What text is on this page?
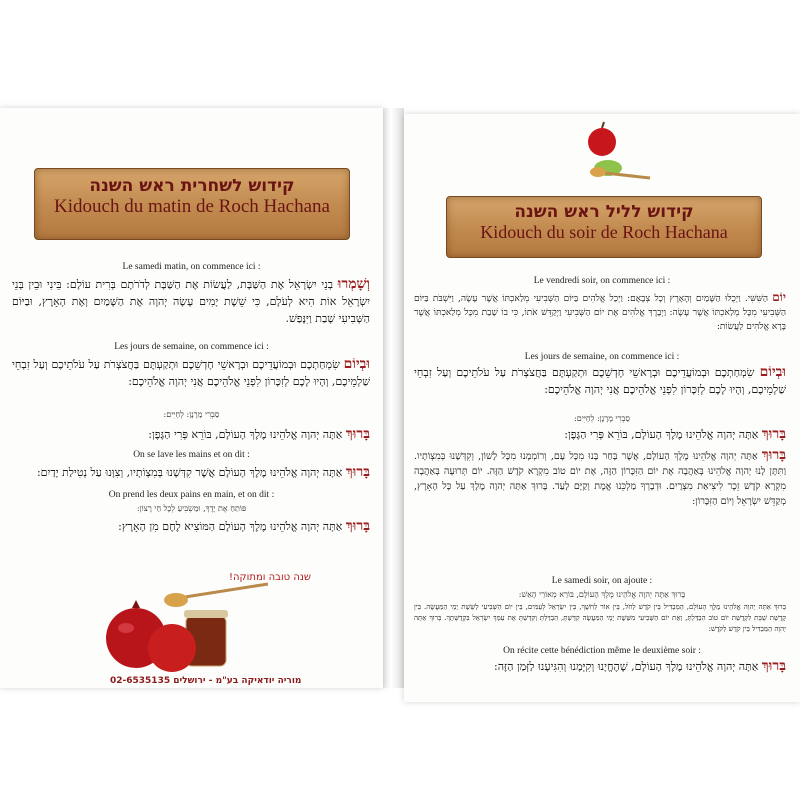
קידוש לשחרית ראש השנה
Kidouch du matin de Roch Hachana
Le samedi matin, on commence ici :
וְשָׁמְרוּ בְנֵי יִשְׂרָאֵל אֶת הַשַּׁבָּת, לַעֲשׂוֹת אֶת הַשַּׁבָּת לְדֹרֹתָם בְּרִית עוֹלָם: בֵּינִי וּבֵין בְּנֵי יִשְׂרָאֵל אוֹת הִיא לְעֹלָם, כִּי שֵׁשֶׁת יָמִים עָשָׂה יְהוָה אֶת הַשָּׁמַיִם וְאֶת הָאָרֶץ, וּבַיּוֹם הַשְּׁבִיעִי שָׁבַת וַיִּנָּפַשׁ.
Les jours de semaine, on commence ici :
וּבְיוֹם שִׂמְחַתְכֶם וּבְמוֹעֲדֵיכֶם וּבְרָאשֵׁי חָדְשֵׁכֶם וּתְקַעְתֶּם בַּחֲצֹצְרֹת עַל עֹלֹתֵיכֶם וְעַל זִבְחֵי שַׁלְמֵיכֶם, וְהָיוּ לָכֶם לְזִכָּרוֹן לִפְנֵי אֱלֹהֵיכֶם אֲנִי יְהוָה אֱלֹהֵיכֶם:
סַבְרִי מָרָנָן: לְחַיִּים:
בָּרוּךְ אַתָּה יְהוָה אֱלֹהֵינוּ מֶלֶךְ הָעוֹלָם, בּוֹרֵא פְּרִי הַגָּפֶן:
On se lave les mains et on dit :
בָּרוּךְ אַתָּה יְהוָה אֱלֹהֵינוּ מֶלֶךְ הָעוֹלָם אֲשֶׁר קִדְּשָׁנוּ בְּמִצְוֹתָיו, וְצִוָּנוּ עַל נְטִילַת יָדַיִם:
On prend les deux pains en main, et on dit :
פּוֹתֵחַ אֶת יָדֶךָ, וּמַשְׂבִּיעַ לְכָל חַי רָצוֹן:
בָּרוּךְ אַתָּה יְהוָה אֱלֹהֵינוּ מֶלֶךְ הָעוֹלָם הַמּוֹצִיא לֶחֶם מִן הָאָרֶץ:
שנה טובה ומתוקה!
02-6535135 מוריה יודאיקה בע"מ - ירושלים
קידוש לליל ראש השנה
Kidouch du soir de Roch Hachana
Le vendredi soir, on commence ici :
יוֹם הַשִּׁשִּׁי. וַיְכֻלּוּ הַשָּׁמַיִם וְהָאָרֶץ וְכָל צְבָאָם: וַיְכַל אֱלֹהִים בַּיּוֹם הַשְּׁבִיעִי מְלַאכְתּוֹ אֲשֶׁר עָשָׂה, וַיִּשְׁבֹּת בַּיּוֹם הַשְּׁבִיעִי מִכָּל מְלַאכְתּוֹ אֲשֶׁר עָשָׂה: וַיְבָרֶךְ אֱלֹהִים אֶת יוֹם הַשְּׁבִיעִי וַיְקַדֵּשׁ אֹתוֹ, כִּי בוֹ שָׁבַת מִכָּל מְלַאכְתּוֹ אֲשֶׁר בָּרָא אֱלֹהִים לַעֲשׂוֹת:
Les jours de semaine, on commence ici :
וּבְיוֹם שִׂמְחַתְכֶם וּבְמוֹעֲדֵיכֶם וּבְרָאשֵׁי חָדְשֵׁכֶם וּתְקַעְתֶּם בַּחֲצֹצְרֹת עַל עֹלֹתֵיכֶם וְעַל זִבְחֵי שַׁלְמֵיכֶם, וְהָיוּ לָכֶם לְזִכָּרוֹן לִפְנֵי אֱלֹהֵיכֶם אֲנִי יְהוָה אֱלֹהֵיכֶם:
סַבְרִי מָרָנָן: לְחַיִּים:
בָּרוּךְ אַתָּה יְהוָה אֱלֹהֵינוּ מֶלֶךְ הָעוֹלָם, בּוֹרֵא פְּרִי הַגָּפֶן:
בָּרוּךְ אַתָּה יְהוָה אֱלֹהֵינוּ מֶלֶךְ הָעוֹלָם, אֲשֶׁר בָּחַר בָּנוּ מִכָּל עָם, וְרוֹמְמָנוּ מִכָּל לָשׁוֹן, וְקִדְּשָׁנוּ בְּמִצְוֹתָיו. וַתִּתֶּן לָנוּ יְהוָה אֱלֹהֵינוּ בְּאַהֲבָה אֶת יוֹם הַזִּכָּרוֹן הַזֶּה, אֶת יוֹם טוֹב מִקְרָא קֹדֶשׁ הַזֶּה. יוֹם תְּרוּעָה בְּאַהֲבָה מִקְרָא קֹדֶשׁ זֵכֶר לִיצִיאַת מִצְרָיִם. וּדְבָרְךָ מַלְכֵּנוּ אֱמֶת וְקַיָּם לָעַד. בָּרוּךְ אַתָּה יְהוָה מֶלֶךְ עַל כָּל הָאָרֶץ, מְקַדֵּשׁ יִשְׂרָאֵל וְיוֹם הַזִּכָּרוֹן:
Le samedi soir, on ajoute :
בָּרוּךְ אַתָּה יְהוָה אֱלֹהֵינוּ מֶלֶךְ הָעוֹלָם, בּוֹרֵא מְאוֹרֵי הָאֵשׁ:
בָּרוּךְ אַתָּה יְהוָה אֱלֹהֵינוּ מֶלֶךְ הָעוֹלָם, הַמַּבְדִּיל בֵּין קֹדֶשׁ לְחֹל, בֵּין אוֹר לְחֹשֶׁךְ, בֵּין יִשְׂרָאֵל לָעַמִּים, בֵּין יוֹם הַשְּׁבִיעִי לְשֵׁשֶׁת יְמֵי הַמַּעֲשֶׂה. בֵּין קְדֻשַּׁת שַׁבָּת לִקְדֻשַּׁת יוֹם טוֹב הִבְדַּלְתָּ, וְאֶת יוֹם הַשְּׁבִיעִי מִשֵּׁשֶׁת יְמֵי הַמַּעֲשֶׂה קִדַּשְׁתָּ, הִבְדַּלְתָּ וְקִדַּשְׁתָּ אֶת עַמְּךָ יִשְׂרָאֵל בִּקְדֻשָּׁתֶךָ. בָּרוּךְ אַתָּה יְהוָה הַמַּבְדִּיל בֵּין קֹדֶשׁ לְקֹדֶשׁ:
On récite cette bénédiction même le deuxième soir :
בָּרוּךְ אַתָּה יְהוָה אֱלֹהֵינוּ מֶלֶךְ הָעוֹלָם, שֶׁהֶחֱיָנוּ וְקִיְּמָנוּ וְהִגִּיעָנוּ לַזְּמַן הַזֶּה:
